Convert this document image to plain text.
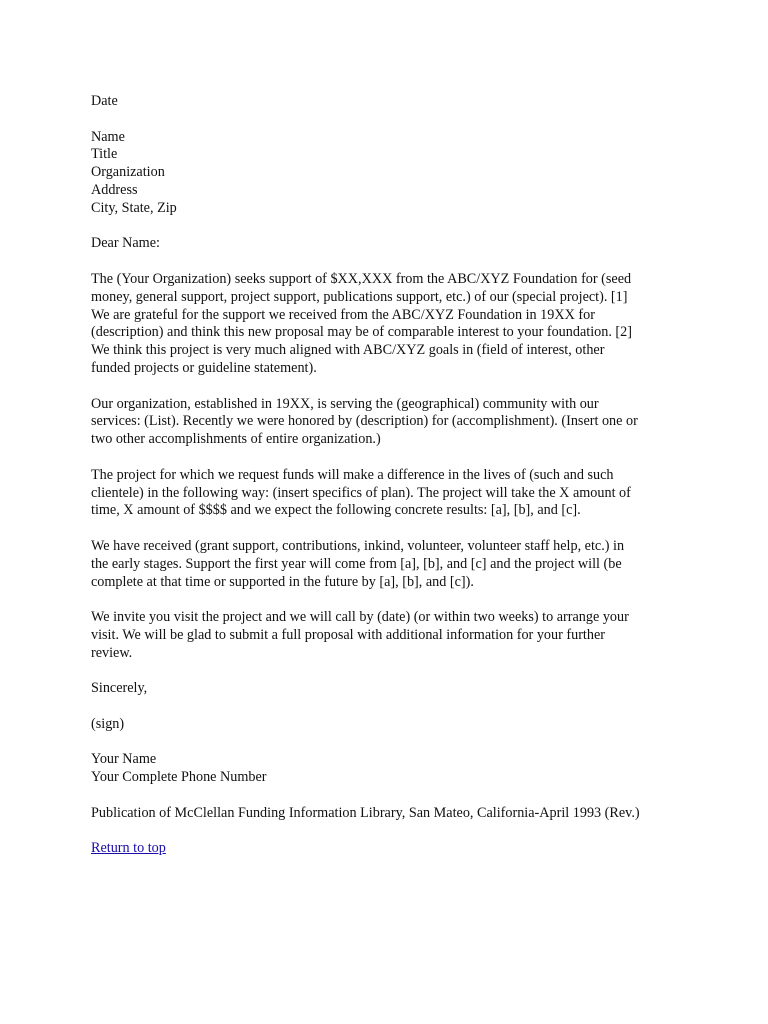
Date
Name
Title
Organization
Address
City, State, Zip
Dear Name:
The (Your Organization) seeks support of $XX,XXX from the ABC/XYZ Foundation for (seed
money, general support, project support, publications support, etc.) of our (special project). [1]
We are grateful for the support we received from the ABC/XYZ Foundation in 19XX for
(description) and think this new proposal may be of comparable interest to your foundation. [2]
We think this project is very much aligned with ABC/XYZ goals in (field of interest, other
funded projects or guideline statement).
Our organization, established in 19XX, is serving the (geographical) community with our
services: (List). Recently we were honored by (description) for (accomplishment). (Insert one or
two other accomplishments of entire organization.)
The project for which we request funds will make a difference in the lives of (such and such
clientele) in the following way: (insert specifics of plan). The project will take the X amount of
time, X amount of $$$$ and we expect the following concrete results: [a], [b], and [c].
We have received (grant support, contributions, inkind, volunteer, volunteer staff help, etc.) in
the early stages. Support the first year will come from [a], [b], and [c] and the project will (be
complete at that time or supported in the future by [a], [b], and [c]).
We invite you visit the project and we will call by (date) (or within two weeks) to arrange your
visit. We will be glad to submit a full proposal with additional information for your further
review.
Sincerely,
(sign)
Your Name
Your Complete Phone Number
Publication of McClellan Funding Information Library, San Mateo, California-April 1993 (Rev.)
Return to top
